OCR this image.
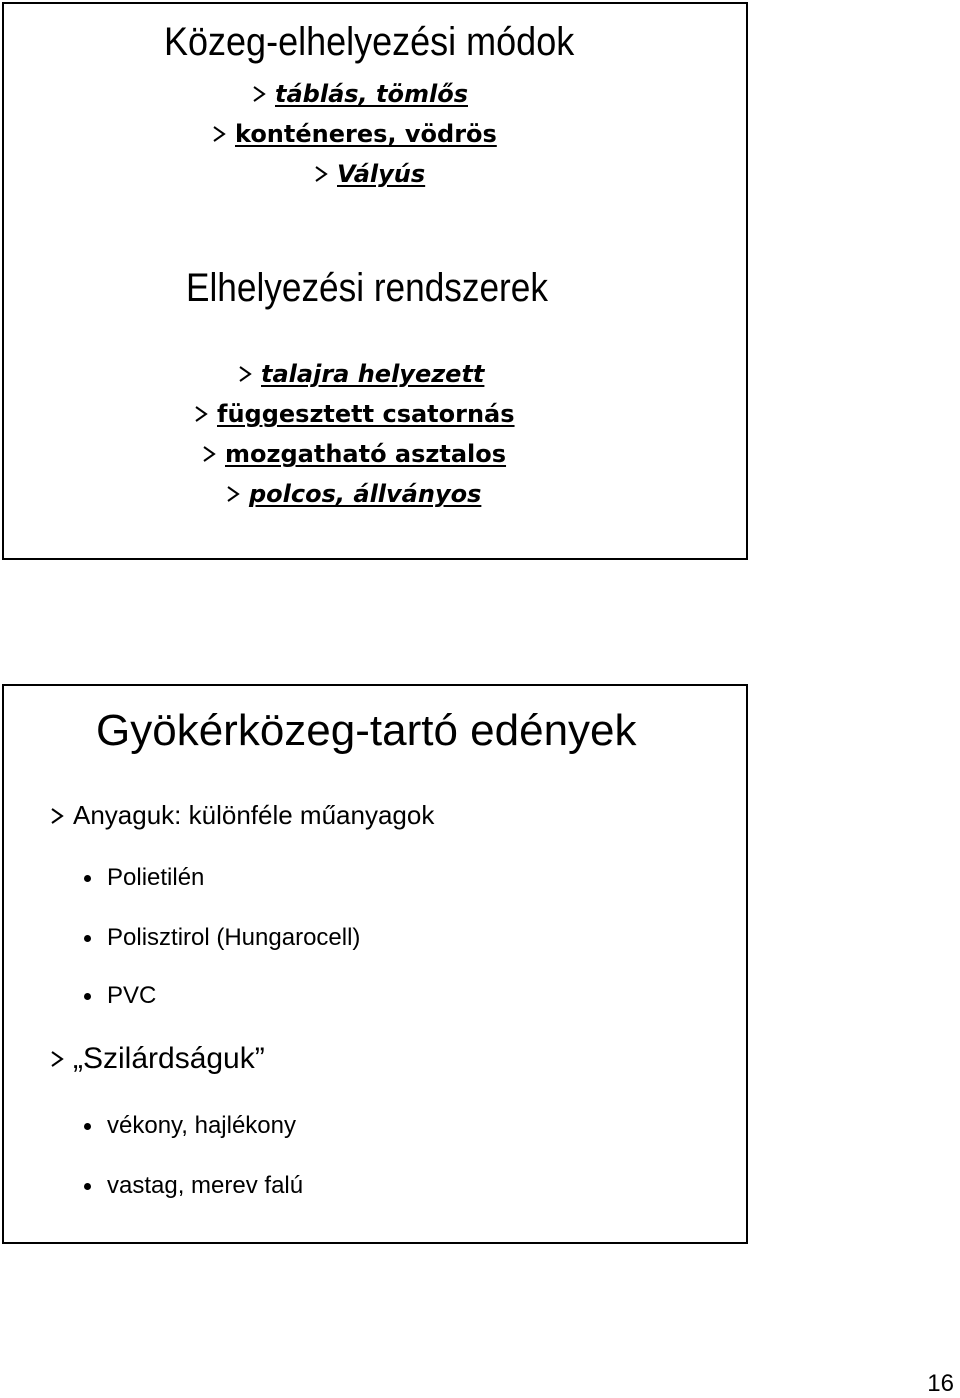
Közeg-elhelyezési módok
táblás, tömlős
konténeres, vödrös
Vályús
Elhelyezési rendszerek
talajra helyezett
függesztett csatornás
mozgatható asztalos
polcos, állványos
Gyökérközeg-tartó edények
Anyaguk: különféle műanyagok
Polietilén
Polisztirol (Hungarocell)
PVC
„Szilárdságuk”
vékony, hajlékony
vastag, merev falú
16
